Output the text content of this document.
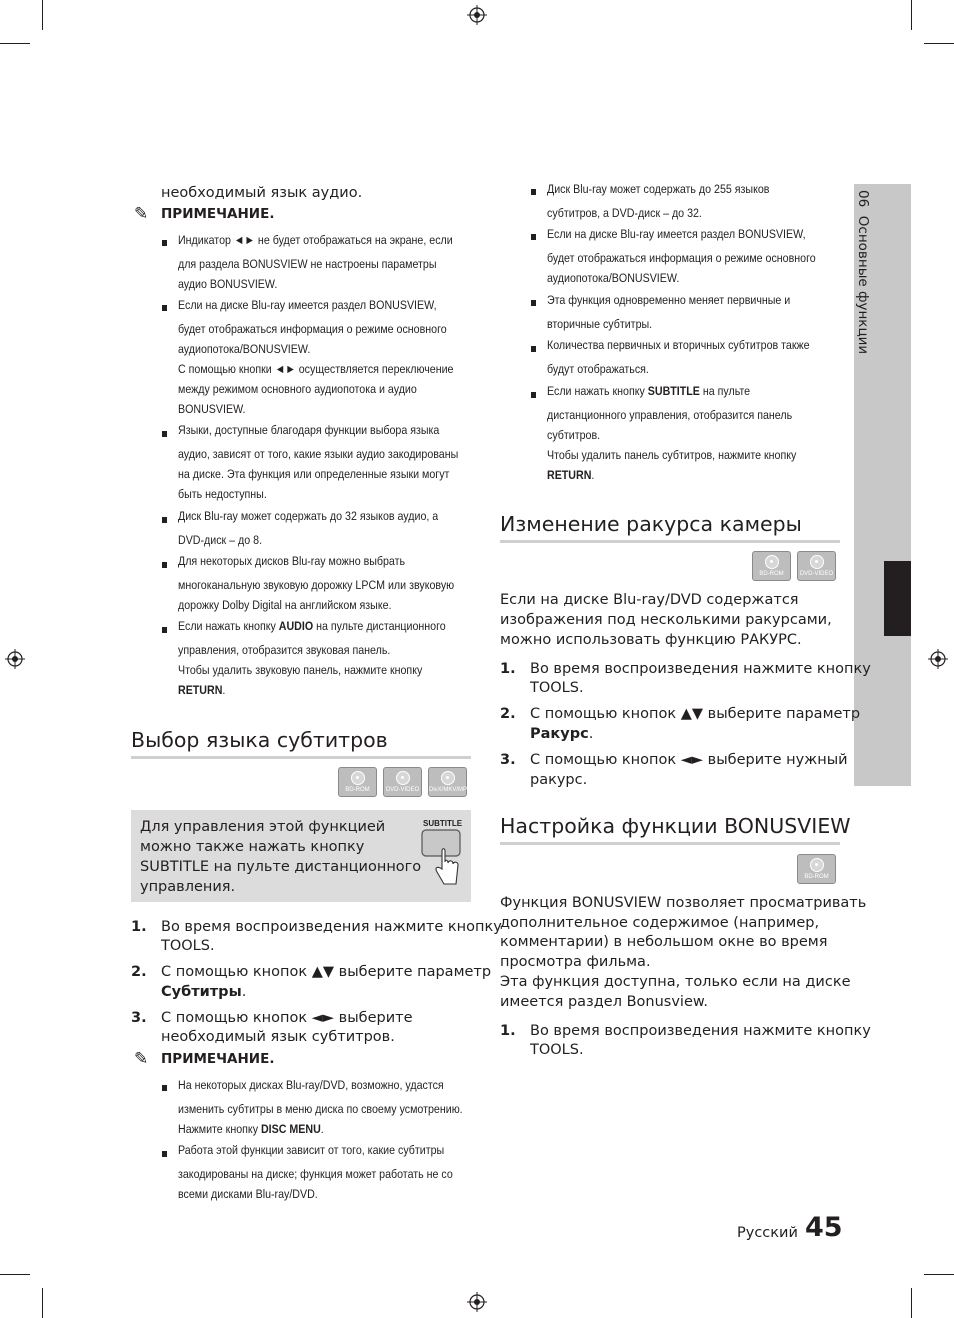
06  Основные функции
необходимый язык аудио.
✎ ПРИМЕЧАНИЕ.
Индикатор ◄► не будет отображаться на экране, если
для раздела BONUSVIEW не настроены параметры
аудио BONUSVIEW.
Если на диске Blu-ray имеется раздел BONUSVIEW,
будет отображаться информация о режиме основного
аудиопотока/BONUSVIEW.
С помощью кнопки ◄► осуществляется переключение
между режимом основного аудиопотока и аудио
BONUSVIEW.
Языки, доступные благодаря функции выбора языка
аудио, зависят от того, какие языки аудио закодированы
на диске. Эта функция или определенные языки могут
быть недоступны.
Диск Blu-ray может содержать до 32 языков аудио, а
DVD-диск – до 8.
Для некоторых дисков Blu-ray можно выбрать
многоканальную звуковую дорожку LPCM или звуковую
дорожку Dolby Digital на английском языке.
Если нажать кнопку AUDIO на пульте дистанционного
управления, отобразится звуковая панель.
Чтобы удалить звуковую панель, нажмите кнопку
RETURN.
Выбор языка субтитров
BD-ROM	DVD-VIDEO	DivX/MKV/MP4
Для управления этой функцией
можно также нажать кнопку
SUBTITLE на пульте дистанционного
управления.
SUBTITLE
1. Во время воспроизведения нажмите кнопку
TOOLS.
2. С помощью кнопок ▲▼ выберите параметр
Субтитры.
3. С помощью кнопок ◄► выберите
необходимый язык субтитров.
✎ ПРИМЕЧАНИЕ.
На некоторых дисках Blu-ray/DVD, возможно, удастся
изменить субтитры в меню диска по своему усмотрению.
Нажмите кнопку DISC MENU.
Работа этой функции зависит от того, какие субтитры
закодированы на диске; функция может работать не со
всеми дисками Blu-ray/DVD.
Диск Blu-ray может содержать до 255 языков
субтитров, а DVD-диск – до 32.
Если на диске Blu-ray имеется раздел BONUSVIEW,
будет отображаться информация о режиме основного
аудиопотока/BONUSVIEW.
Эта функция одновременно меняет первичные и
вторичные субтитры.
Количества первичных и вторичных субтитров также
будут отображаться.
Если нажать кнопку SUBTITLE на пульте
дистанционного управления, отобразится панель
субтитров.
Чтобы удалить панель субтитров, нажмите кнопку
RETURN.
Изменение ракурса камеры
BD-ROM	DVD-VIDEO
Если на диске Blu-ray/DVD содержатся
изображения под несколькими ракурсами,
можно использовать функцию РАКУРС.
1. Во время воспроизведения нажмите кнопку
TOOLS.
2. С помощью кнопок ▲▼ выберите параметр
Ракурс.
3. С помощью кнопок ◄► выберите нужный
ракурс.
Настройка функции BONUSVIEW
BD-ROM
Функция BONUSVIEW позволяет просматривать
дополнительное содержимое (например,
комментарии) в небольшом окне во время
просмотра фильма.
Эта функция доступна, только если на диске
имеется раздел Bonusview.
1. Во время воспроизведения нажмите кнопку
TOOLS.
Русский 45
